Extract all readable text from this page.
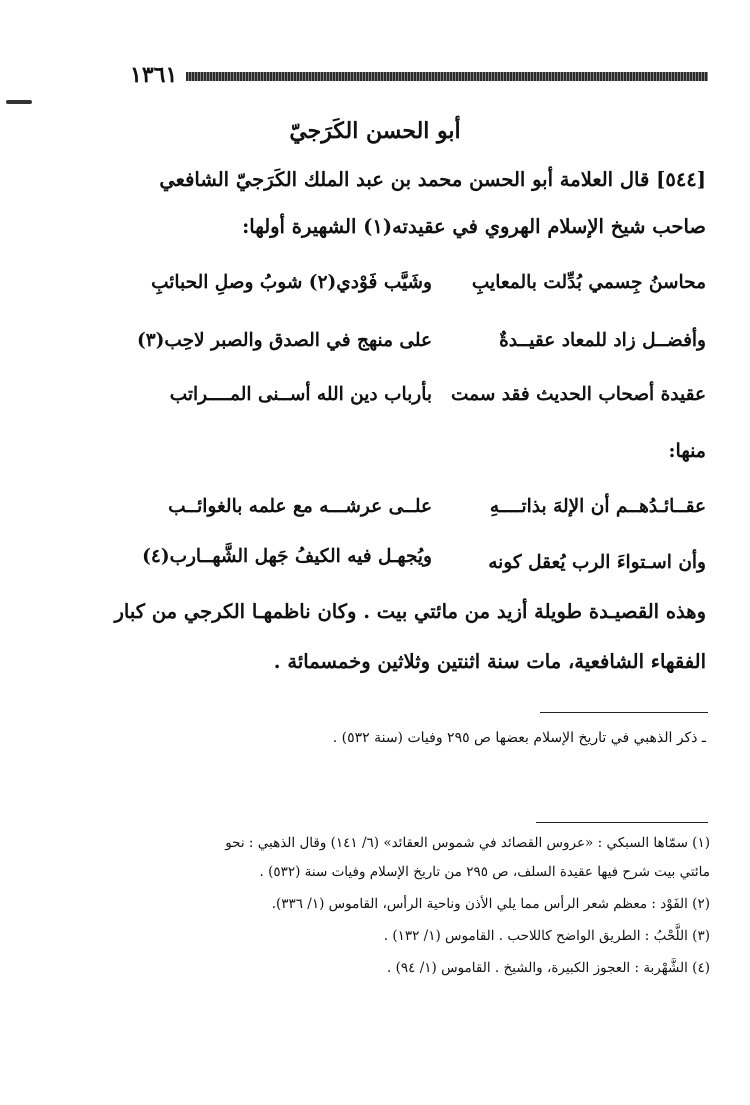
١٣٦١
أبو الحسن الكَرَجيّ
[٥٤٤] قال العلامة أبو الحسن محمد بن عبد الملك الكَرَجيّ الشافعي
صاحب شيخ الإسلام الهروي في عقيدته(١) الشهيرة أولها:
محاسنُ جِسمي بُدِّلت بالمعايبِ
وشَيَّب فَوْدي(٢) شوبُ وصلِ الحبائبِ
وأفضــل زاد للمعاد عقيــدةٌ
على منهج في الصدق والصبر لاحِب(٣)
عقيدة أصحاب الحديث فقد سمت
بأرباب دين الله أســنى المــــراتب
منها:
عقــائـدُهــم أن الإلهَ بذاتــــهِ
علــى عرشـــه مع علمه بالغوائــب
وأن اسـتواءَ الرب يُعقل كونه
ويُجهـل فيه الكيفُ جَهل الشَّهــارب(٤)
وهذه القصيـدة طويلة أزيد من مائتي بيت . وكان ناظمهـا الكرجي من كبار
الفقهاء الشافعية، مات سنة اثنتين وثلاثين وخمسمائة .
ـ ذكر الذهبي في تاريخ الإسلام بعضها ص ٢٩٥ وفيات (سنة ٥٣٢) .
(١) سمّاها السبكي : «عروس القصائد في شموس العقائد» (٦/ ١٤١) وقال الذهبي : نحو
مائتي بيت شرح فيها عقيدة السلف، ص ٢٩٥ من تاريخ الإسلام وفيات سنة (٥٣٢) .
(٢) الفَوْد : معظم شعر الرأس مما يلي الأذن وناحية الرأس، القاموس (١/ ٣٣٦).
(٣) اللَّحْبُ : الطريق الواضح كاللاحب . القاموس (١/ ١٣٢) .
(٤) الشَّهْربة : العجوز الكبيرة، والشيخ . القاموس (١/ ٩٤) .
